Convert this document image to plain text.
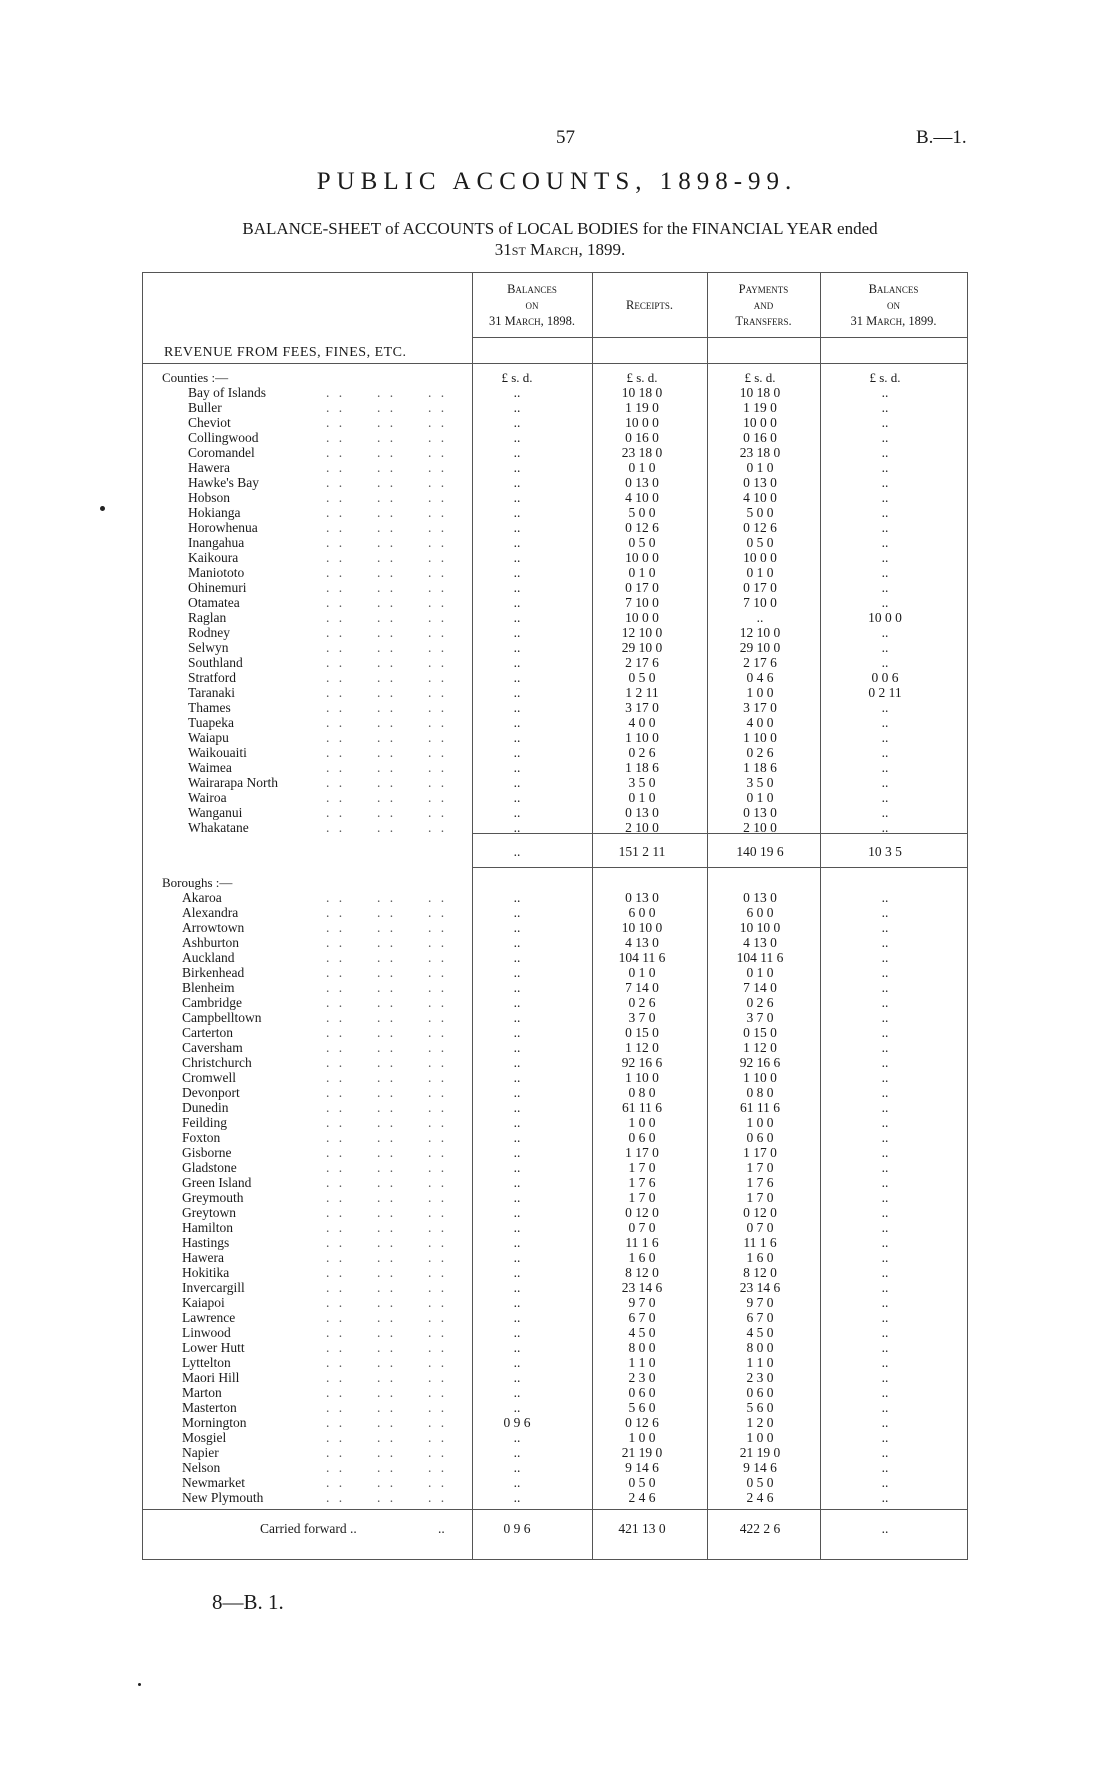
57	B.—1.
PUBLIC ACCOUNTS, 1898-99.
BALANCE-SHEET of ACCOUNTS of LOCAL BODIES for the FINANCIAL YEAR ended
31st March, 1899.
Balances
on
31 March, 1898.
Receipts.
Payments
and
Transfers.
Balances
on
31 March, 1899.
REVENUE FROM FEES, FINES, ETC.
£ s. d.	£ s. d.	£ s. d.	£ s. d.
Counties :—
Bay of Islands	. .     . .     . .	..	10 18 0	10 18 0	..
Buller	. .     . .     . .	..	1 19 0	1 19 0	..
Cheviot	. .     . .     . .	..	10 0 0	10 0 0	..
Collingwood	. .     . .     . .	..	0 16 0	0 16 0	..
Coromandel	. .     . .     . .	..	23 18 0	23 18 0	..
Hawera	. .     . .     . .	..	0 1 0	0 1 0	..
Hawke's Bay	. .     . .     . .	..	0 13 0	0 13 0	..
Hobson	. .     . .     . .	..	4 10 0	4 10 0	..
Hokianga	. .     . .     . .	..	5 0 0	5 0 0	..
Horowhenua	. .     . .     . .	..	0 12 6	0 12 6	..
Inangahua	. .     . .     . .	..	0 5 0	0 5 0	..
Kaikoura	. .     . .     . .	..	10 0 0	10 0 0	..
Maniototo	. .     . .     . .	..	0 1 0	0 1 0	..
Ohinemuri	. .     . .     . .	..	0 17 0	0 17 0	..
Otamatea	. .     . .     . .	..	7 10 0	7 10 0	..
Raglan	. .     . .     . .	..	10 0 0	..	10 0 0
Rodney	. .     . .     . .	..	12 10 0	12 10 0	..
Selwyn	. .     . .     . .	..	29 10 0	29 10 0	..
Southland	. .     . .     . .	..	2 17 6	2 17 6	..
Stratford	. .     . .     . .	..	0 5 0	0 4 6	0 0 6
Taranaki	. .     . .     . .	..	1 2 11	1 0 0	0 2 11
Thames	. .     . .     . .	..	3 17 0	3 17 0	..
Tuapeka	. .     . .     . .	..	4 0 0	4 0 0	..
Waiapu	. .     . .     . .	..	1 10 0	1 10 0	..
Waikouaiti	. .     . .     . .	..	0 2 6	0 2 6	..
Waimea	. .     . .     . .	..	1 18 6	1 18 6	..
Wairarapa North	. .     . .     . .	..	3 5 0	3 5 0	..
Wairoa	. .     . .     . .	..	0 1 0	0 1 0	..
Wanganui	. .     . .     . .	..	0 13 0	0 13 0	..
Whakatane	. .     . .     . .	..	2 10 0	2 10 0	..
..	151 2 11	140 19 6	10 3 5
Boroughs :—
Akaroa	. .     . .     . .	..	0 13 0	0 13 0	..
Alexandra	. .     . .     . .	..	6 0 0	6 0 0	..
Arrowtown	. .     . .     . .	..	10 10 0	10 10 0	..
Ashburton	. .     . .     . .	..	4 13 0	4 13 0	..
Auckland	. .     . .     . .	..	104 11 6	104 11 6	..
Birkenhead	. .     . .     . .	..	0 1 0	0 1 0	..
Blenheim	. .     . .     . .	..	7 14 0	7 14 0	..
Cambridge	. .     . .     . .	..	0 2 6	0 2 6	..
Campbelltown	. .     . .     . .	..	3 7 0	3 7 0	..
Carterton	. .     . .     . .	..	0 15 0	0 15 0	..
Caversham	. .     . .     . .	..	1 12 0	1 12 0	..
Christchurch	. .     . .     . .	..	92 16 6	92 16 6	..
Cromwell	. .     . .     . .	..	1 10 0	1 10 0	..
Devonport	. .     . .     . .	..	0 8 0	0 8 0	..
Dunedin	. .     . .     . .	..	61 11 6	61 11 6	..
Feilding	. .     . .     . .	..	1 0 0	1 0 0	..
Foxton	. .     . .     . .	..	0 6 0	0 6 0	..
Gisborne	. .     . .     . .	..	1 17 0	1 17 0	..
Gladstone	. .     . .     . .	..	1 7 0	1 7 0	..
Green Island	. .     . .     . .	..	1 7 6	1 7 6	..
Greymouth	. .     . .     . .	..	1 7 0	1 7 0	..
Greytown	. .     . .     . .	..	0 12 0	0 12 0	..
Hamilton	. .     . .     . .	..	0 7 0	0 7 0	..
Hastings	. .     . .     . .	..	11 1 6	11 1 6	..
Hawera	. .     . .     . .	..	1 6 0	1 6 0	..
Hokitika	. .     . .     . .	..	8 12 0	8 12 0	..
Invercargill	. .     . .     . .	..	23 14 6	23 14 6	..
Kaiapoi	. .     . .     . .	..	9 7 0	9 7 0	..
Lawrence	. .     . .     . .	..	6 7 0	6 7 0	..
Linwood	. .     . .     . .	..	4 5 0	4 5 0	..
Lower Hutt	. .     . .     . .	..	8 0 0	8 0 0	..
Lyttelton	. .     . .     . .	..	1 1 0	1 1 0	..
Maori Hill	. .     . .     . .	..	2 3 0	2 3 0	..
Marton	. .     . .     . .	..	0 6 0	0 6 0	..
Masterton	. .     . .     . .	..	5 6 0	5 6 0	..
Mornington	. .     . .     . .	0 9 6	0 12 6	1 2 0	..
Mosgiel	. .     . .     . .	..	1 0 0	1 0 0	..
Napier	. .     . .     . .	..	21 19 0	21 19 0	..
Nelson	. .     . .     . .	..	9 14 6	9 14 6	..
Newmarket	. .     . .     . .	..	0 5 0	0 5 0	..
New Plymouth	. .     . .     . .	..	2 4 6	2 4 6	..
Carried forward ..	..	0 9 6	421 13 0	422 2 6	..
8—B. 1.
